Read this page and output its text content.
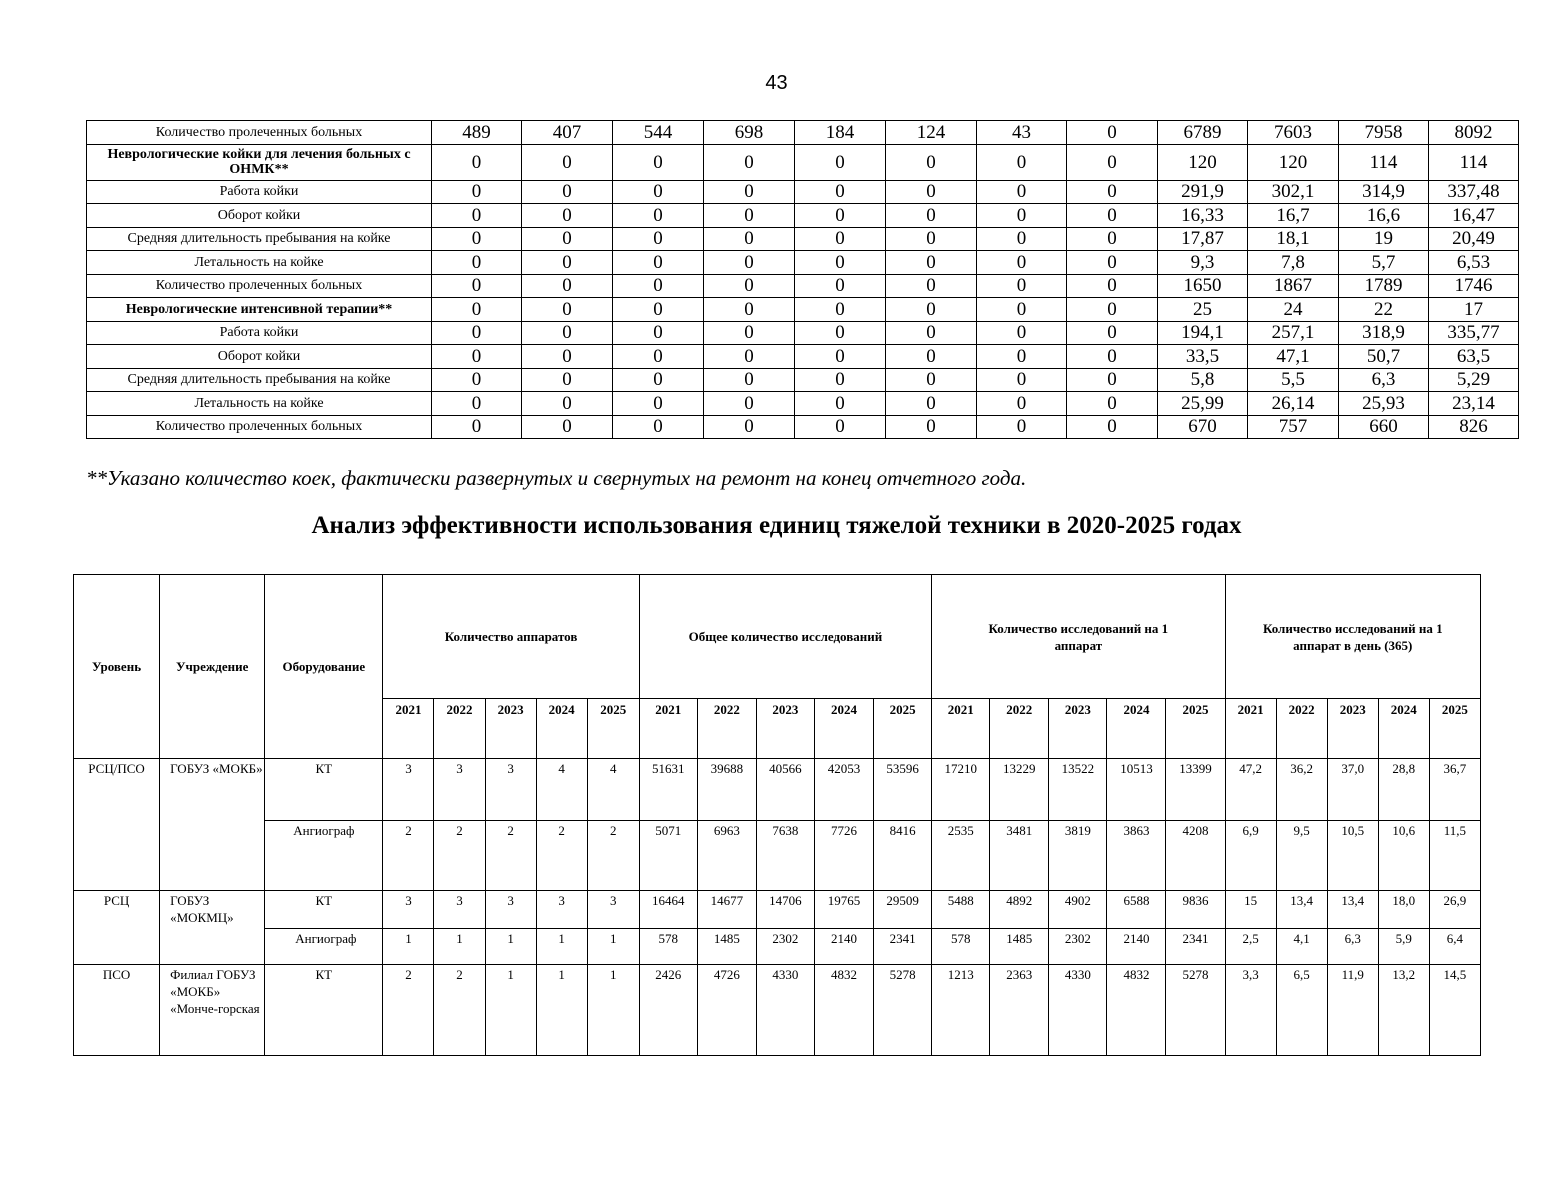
43
Количество пролеченных больных	489	407	544	698	184	124	43	0	6789	7603	7958	8092
Неврологические койки для лечения больных с ОНМК**	0	0	0	0	0	0	0	0	120	120	114	114
Работа койки	0	0	0	0	0	0	0	0	291,9	302,1	314,9	337,48
Оборот койки	0	0	0	0	0	0	0	0	16,33	16,7	16,6	16,47
Средняя длительность пребывания на койке	0	0	0	0	0	0	0	0	17,87	18,1	19	20,49
Летальность на койке	0	0	0	0	0	0	0	0	9,3	7,8	5,7	6,53
Количество пролеченных больных	0	0	0	0	0	0	0	0	1650	1867	1789	1746
Неврологические интенсивной терапии**	0	0	0	0	0	0	0	0	25	24	22	17
Работа койки	0	0	0	0	0	0	0	0	194,1	257,1	318,9	335,77
Оборот койки	0	0	0	0	0	0	0	0	33,5	47,1	50,7	63,5
Средняя длительность пребывания на койке	0	0	0	0	0	0	0	0	5,8	5,5	6,3	5,29
Летальность на койке	0	0	0	0	0	0	0	0	25,99	26,14	25,93	23,14
Количество пролеченных больных	0	0	0	0	0	0	0	0	670	757	660	826
**Указано количество коек, фактически развернутых и свернутых на ремонт на конец отчетного года.
Анализ эффективности использования единиц тяжелой техники в 2020-2025 годах
Уровень	Учреждение	Оборудование	Количество аппаратов					Общее количество исследований					Количество исследований на 1 аппарат					Количество исследований на 1 аппарат в день (365)				
			2021	2022	2023	2024	2025	2021	2022	2023	2024	2025	2021	2022	2023	2024	2025	2021	2022	2023	2024	2025
РСЦ/ПСО	ГОБУЗ «МОКБ»	КТ	3	3	3	4	4	51631	39688	40566	42053	53596	17210	13229	13522	10513	13399	47,2	36,2	37,0	28,8	36,7
		Ангиограф	2	2	2	2	2	5071	6963	7638	7726	8416	2535	3481	3819	3863	4208	6,9	9,5	10,5	10,6	11,5
РСЦ	ГОБУЗ «МОКМЦ»	КТ	3	3	3	3	3	16464	14677	14706	19765	29509	5488	4892	4902	6588	9836	15	13,4	13,4	18,0	26,9
		Ангиограф	1	1	1	1	1	578	1485	2302	2140	2341	578	1485	2302	2140	2341	2,5	4,1	6,3	5,9	6,4
ПСО	Филиал ГОБУЗ «МОКБ» «Монче-горская	КТ	2	2	1	1	1	2426	4726	4330	4832	5278	1213	2363	4330	4832	5278	3,3	6,5	11,9	13,2	14,5
